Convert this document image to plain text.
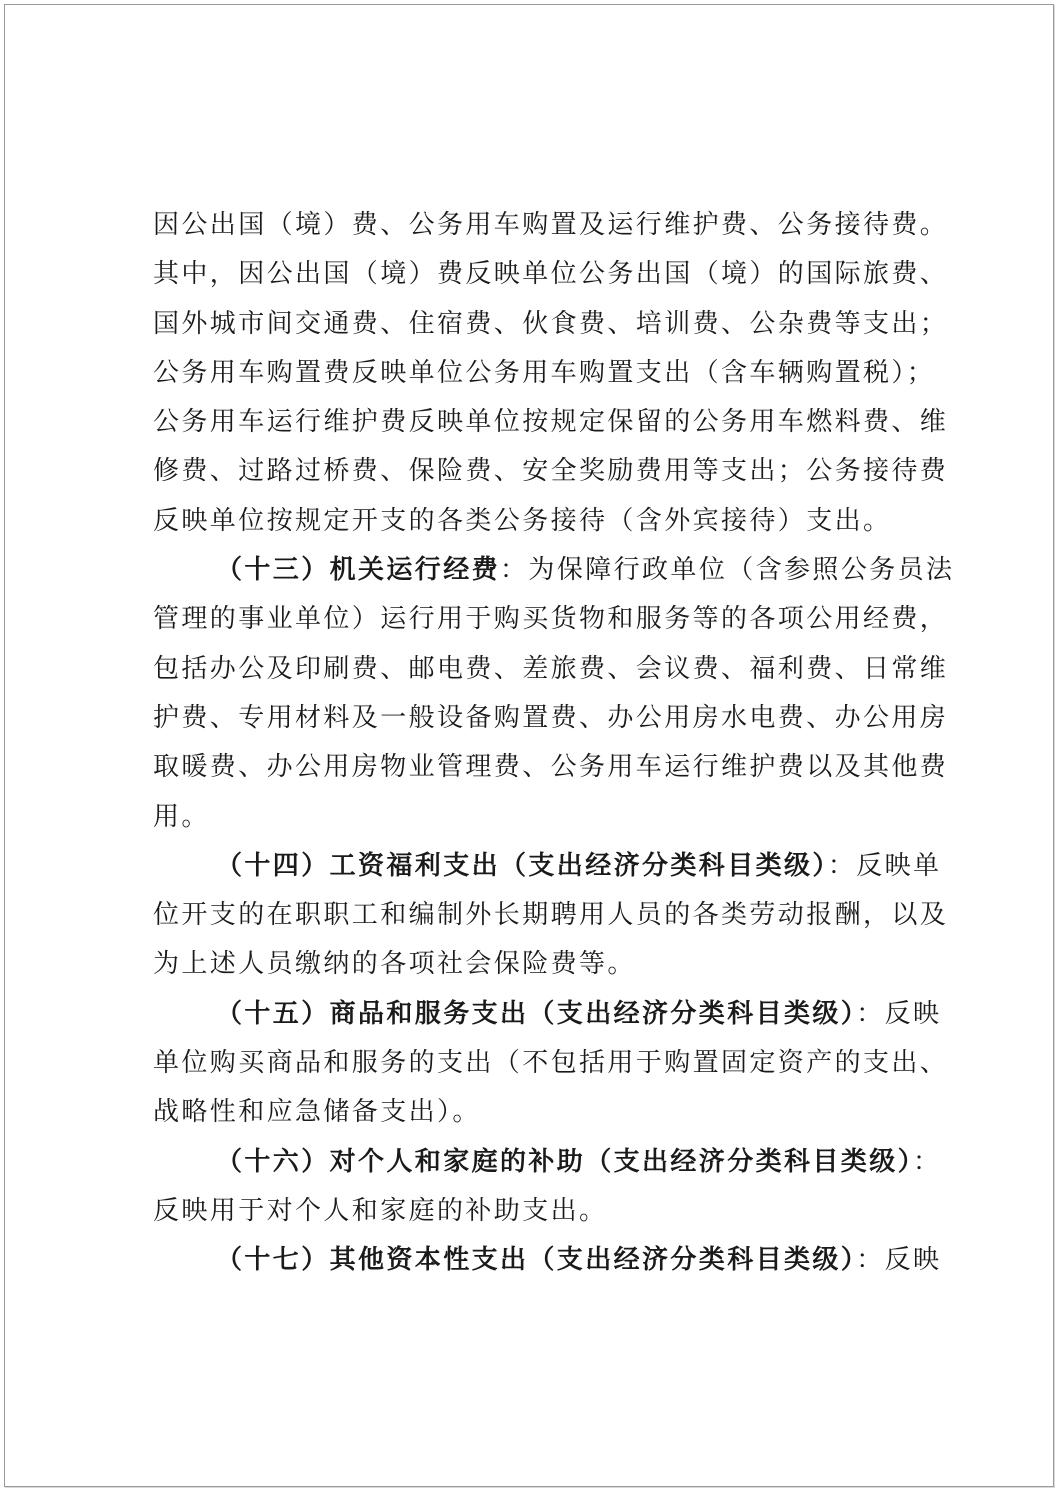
因公出国（境）费、公务用车购置及运行维护费、公务接待费。
其中，因公出国（境）费反映单位公务出国（境）的国际旅费、
国外城市间交通费、住宿费、伙食费、培训费、公杂费等支出；
公务用车购置费反映单位公务用车购置支出（含车辆购置税）；
公务用车运行维护费反映单位按规定保留的公务用车燃料费、维
修费、过路过桥费、保险费、安全奖励费用等支出；公务接待费
反映单位按规定开支的各类公务接待（含外宾接待）支出。
（十三）机关运行经费：为保障行政单位（含参照公务员法
管理的事业单位）运行用于购买货物和服务等的各项公用经费，
包括办公及印刷费、邮电费、差旅费、会议费、福利费、日常维
护费、专用材料及一般设备购置费、办公用房水电费、办公用房
取暖费、办公用房物业管理费、公务用车运行维护费以及其他费
用。
（十四）工资福利支出（支出经济分类科目类级）：反映单
位开支的在职职工和编制外长期聘用人员的各类劳动报酬，以及
为上述人员缴纳的各项社会保险费等。
（十五）商品和服务支出（支出经济分类科目类级）：反映
单位购买商品和服务的支出（不包括用于购置固定资产的支出、
战略性和应急储备支出）。
（十六）对个人和家庭的补助（支出经济分类科目类级）：
反映用于对个人和家庭的补助支出。
（十七）其他资本性支出（支出经济分类科目类级）：反映
